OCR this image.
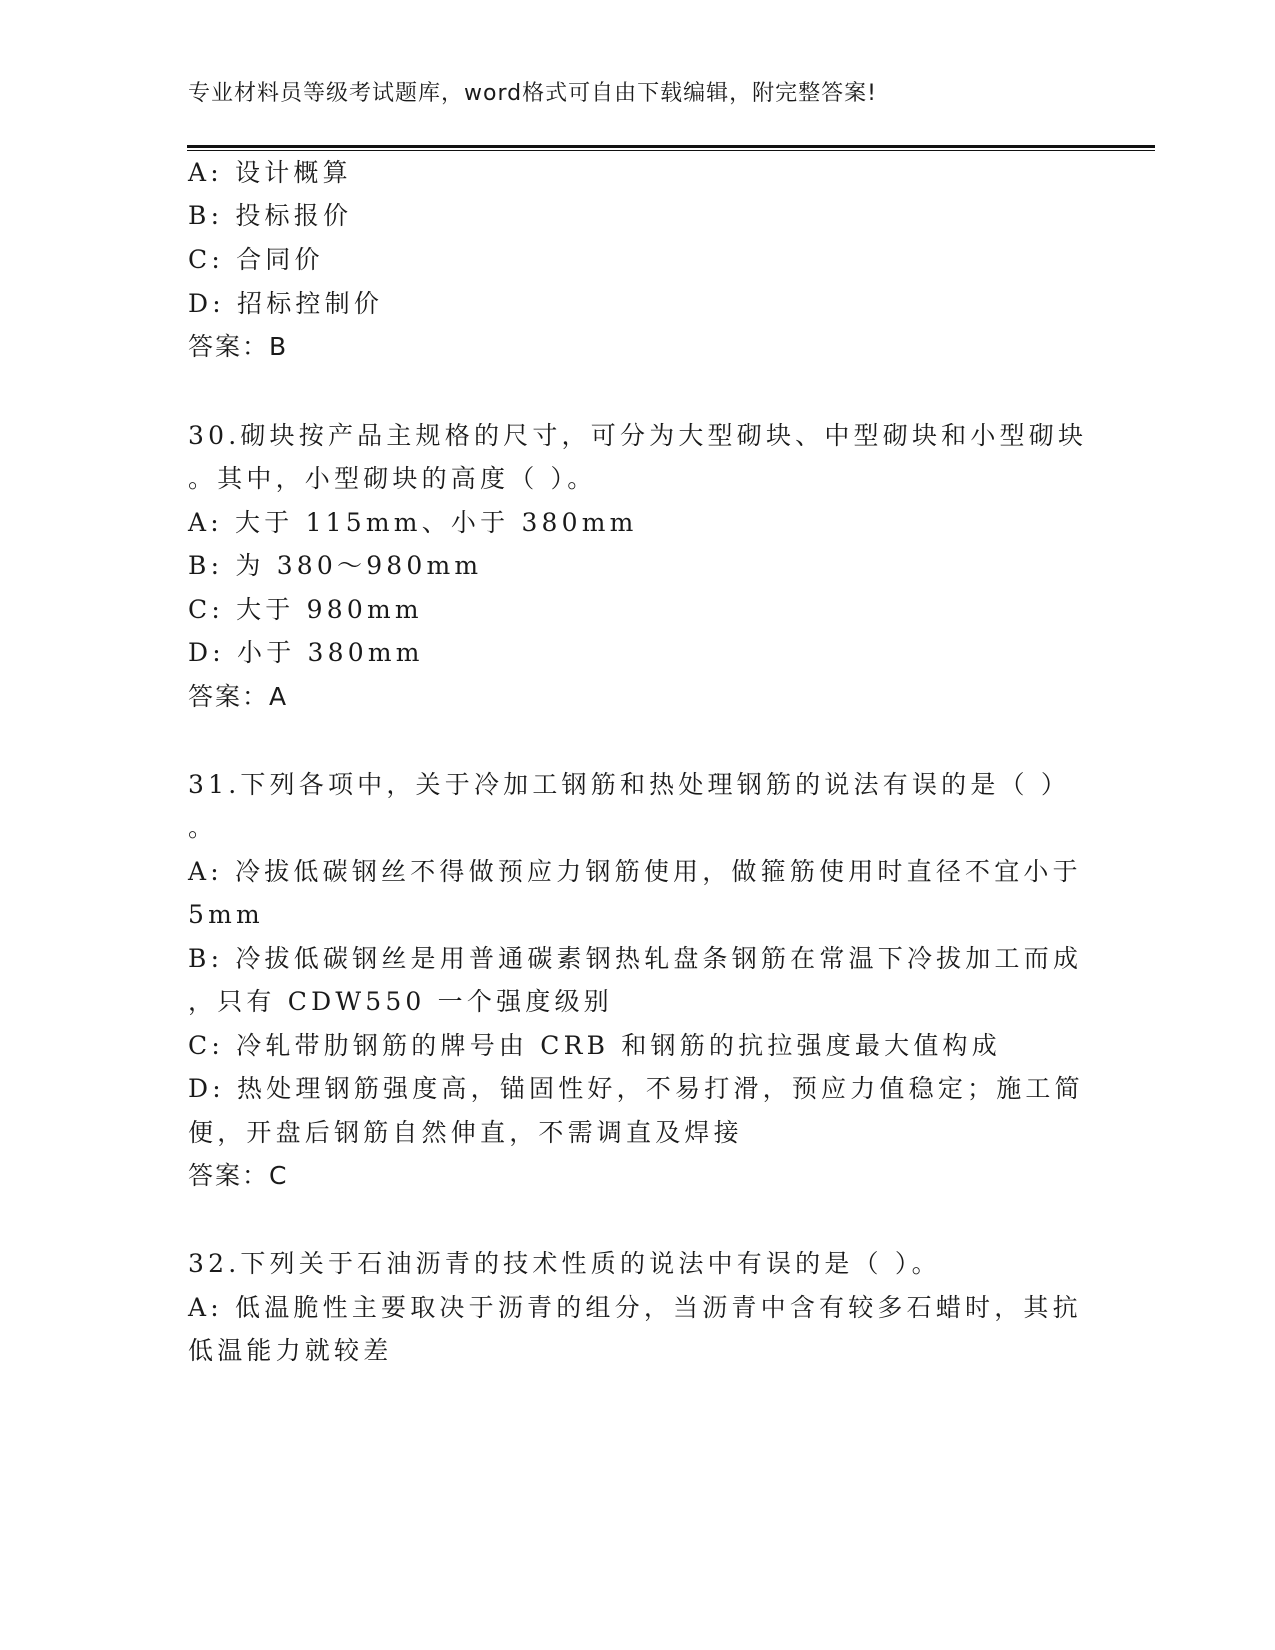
专业材料员等级考试题库，word格式可自由下载编辑，附完整答案!
A: 设计概算
B: 投标报价
C: 合同价
D: 招标控制价
答案：B
30.砌块按产品主规格的尺寸，可分为大型砌块、中型砌块和小型砌块
。其中，小型砌块的高度（ ）。
A: 大于 115mm、小于 380mm
B: 为 380～980mm
C: 大于 980mm
D: 小于 380mm
答案：A
31.下列各项中，关于冷加工钢筋和热处理钢筋的说法有误的是（ ）
。
A: 冷拔低碳钢丝不得做预应力钢筋使用，做箍筋使用时直径不宜小于
5mm
B: 冷拔低碳钢丝是用普通碳素钢热轧盘条钢筋在常温下冷拔加工而成
，只有 CDW550 一个强度级别
C: 冷轧带肋钢筋的牌号由 CRB 和钢筋的抗拉强度最大值构成
D: 热处理钢筋强度高，锚固性好，不易打滑，预应力值稳定；施工简
便，开盘后钢筋自然伸直，不需调直及焊接
答案：C
32.下列关于石油沥青的技术性质的说法中有误的是（ ）。
A: 低温脆性主要取决于沥青的组分，当沥青中含有较多石蜡时，其抗
低温能力就较差
